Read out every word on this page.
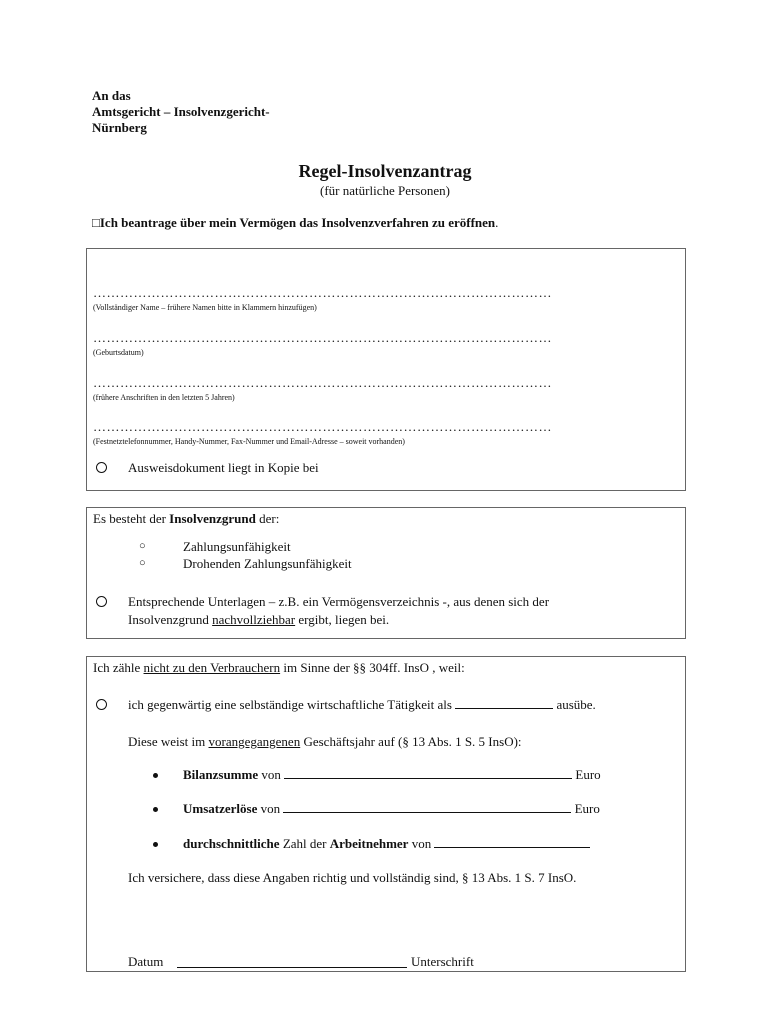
An das
Amtsgericht – Insolvenzgericht-
Nürnberg
Regel-Insolvenzantrag
(für natürliche Personen)
□Ich beantrage über mein Vermögen das Insolvenzverfahren zu eröffnen.
…………………………………………………………………………………………
(Vollständiger Name – frühere Namen bitte in Klammern hinzufügen)
…………………………………………………………………………………………
(Geburtsdatum)
…………………………………………………………………………………………
(frühere Anschriften in den letzten 5 Jahren)
…………………………………………………………………………………………
(Festnetztelefonnummer, Handy-Nummer, Fax-Nummer und Email-Adresse – soweit vorhanden)
Ausweisdokument liegt in Kopie bei
Es besteht der Insolvenzgrund der:
○	Zahlungsunfähigkeit
○	Drohenden Zahlungsunfähigkeit
Entsprechende Unterlagen – z.B. ein Vermögensverzeichnis -, aus denen sich der
Insolvenzgrund nachvollziehbar ergibt, liegen bei.
Ich zähle nicht zu den Verbrauchern im Sinne der §§ 304ff. InsO , weil:
ich gegenwärtig eine selbständige wirtschaftliche Tätigkeit als	ausübe.
Diese weist im vorangegangenen Geschäftsjahr auf (§ 13 Abs. 1 S. 5 InsO):
Bilanzsumme von	Euro
Umsatzerlöse von	Euro
durchschnittliche Zahl der Arbeitnehmer von
Ich versichere, dass diese Angaben richtig und vollständig sind, § 13 Abs. 1 S. 7 InsO.
Datum	Unterschrift
